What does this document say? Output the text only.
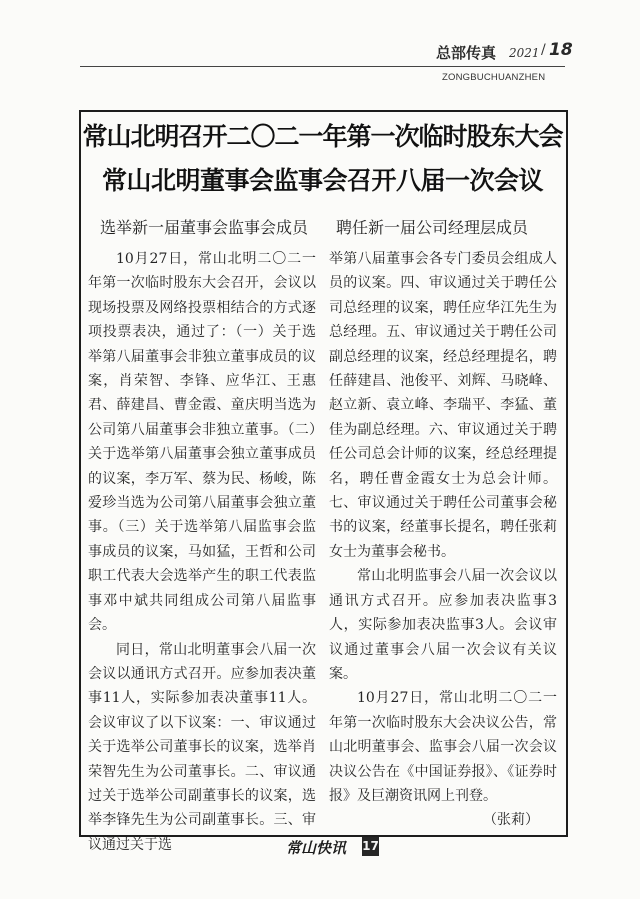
总部传真 2021 / 18
ZONGBUCHUANZHEN
常山北明召开二〇二一年第一次临时股东大会
常山北明董事会监事会召开八届一次会议
选举新一届董事会监事会成员 聘任新一届公司经理层成员

10月27日，常山北明二〇二一年第一次临时股东大会召开，会议以现场投票及网络投票相结合的方式逐项投票表决，通过了：（一）关于选举第八届董事会非独立董事成员的议案，肖荣智、李锋、应华江、王惠君、薛建昌、曹金霞、童庆明当选为公司第八届董事会非独立董事。（二）关于选举第八届董事会独立董事成员的议案，李万军、蔡为民、杨峻，陈爱珍当选为公司第八届董事会独立董事。（三）关于选举第八届监事会监事成员的议案，马如猛，王哲和公司职工代表大会选举产生的职工代表监事邓中斌共同组成公司第八届监事会。

同日，常山北明董事会八届一次会议以通讯方式召开。应参加表决董事11人，实际参加表决董事11人。会议审议了以下议案：一、审议通过关于选举公司董事长的议案，选举肖荣智先生为公司董事长。二、审议通过关于选举公司副董事长的议案，选举李锋先生为公司副董事长。三、审议通过关于选

举第八届董事会各专门委员会组成人员的议案。四、审议通过关于聘任公司总经理的议案，聘任应华江先生为总经理。五、审议通过关于聘任公司副总经理的议案，经总经理提名，聘任薛建昌、池俊平、刘辉、马晓峰、赵立新、袁立峰、李瑞平、李猛、董佳为副总经理。六、审议通过关于聘任公司总会计师的议案，经总经理提名，聘任曹金霞女士为总会计师。七、审议通过关于聘任公司董事会秘书的议案，经董事长提名，聘任张莉女士为董事会秘书。

常山北明监事会八届一次会议以通讯方式召开。应参加表决监事3人，实际参加表决监事3人。会议审议通过董事会八届一次会议有关议案。

10月27日，常山北明二〇二一年第一次临时股东大会决议公告，常山北明董事会、监事会八届一次会议决议公告在《中国证券报》、《证券时报》及巨潮资讯网上刊登。

（张莉）
常山快讯 17
